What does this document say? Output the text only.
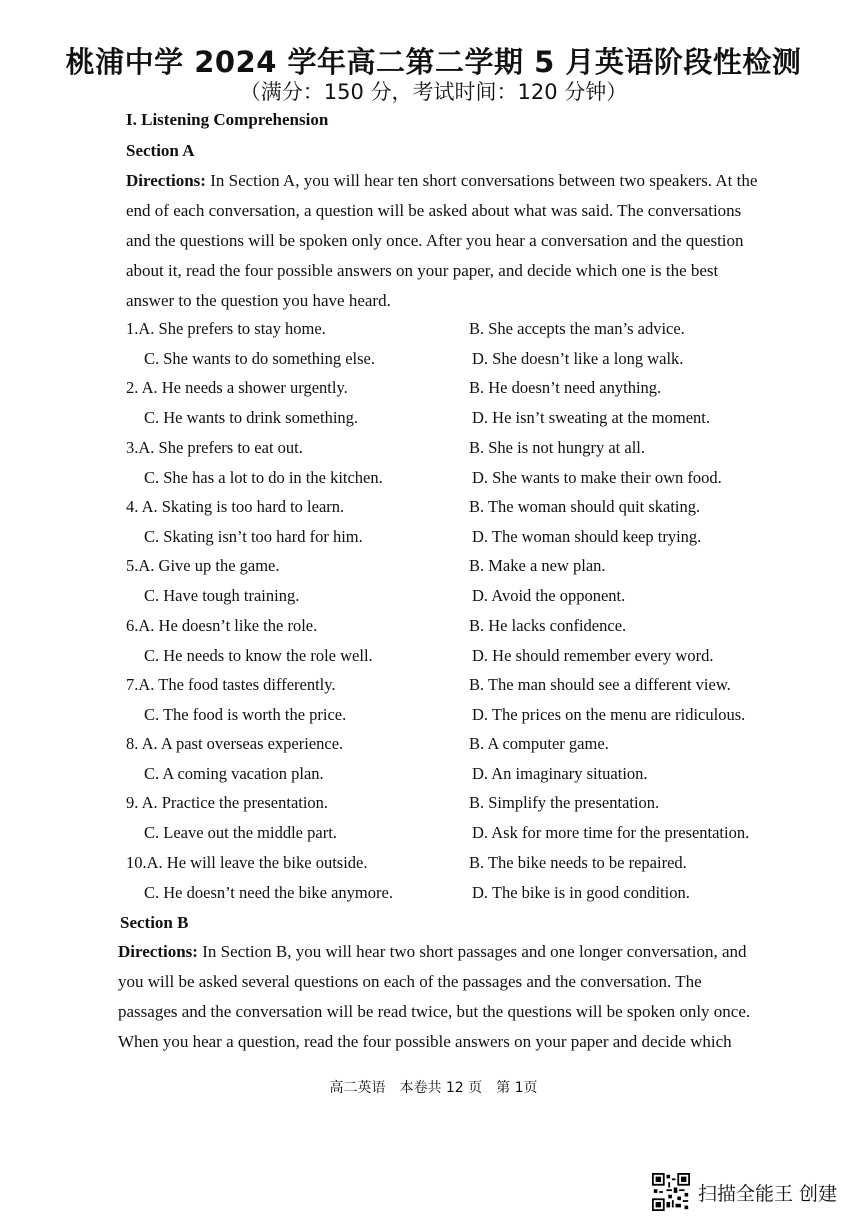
桃浦中学 2024 学年高二第二学期 5 月英语阶段性检测
（满分：150 分，考试时间：120 分钟）
I. Listening Comprehension
Section A
Directions: In Section A, you will hear ten short conversations between two speakers. At the
end of each conversation, a question will be asked about what was said. The conversations
and the questions will be spoken only once. After you hear a conversation and the question
about it, read the four possible answers on your paper, and decide which one is the best
answer to the question you have heard.
1.A. She prefers to stay home.	B. She accepts the man’s advice.
C. She wants to do something else.	D. She doesn’t like a long walk.
2. A. He needs a shower urgently.	B. He doesn’t need anything.
C. He wants to drink something.	D. He isn’t sweating at the moment.
3.A. She prefers to eat out.	B. She is not hungry at all.
C. She has a lot to do in the kitchen.	D. She wants to make their own food.
4. A. Skating is too hard to learn.	B. The woman should quit skating.
C. Skating isn’t too hard for him.	D. The woman should keep trying.
5.A. Give up the game.	B. Make a new plan.
C. Have tough training.	D. Avoid the opponent.
6.A. He doesn’t like the role.	B. He lacks confidence.
C. He needs to know the role well.	D. He should remember every word.
7.A. The food tastes differently.	B. The man should see a different view.
C. The food is worth the price.	D. The prices on the menu are ridiculous.
8. A. A past overseas experience.	B. A computer game.
C. A coming vacation plan.	D. An imaginary situation.
9. A. Practice the presentation.	B. Simplify the presentation.
C. Leave out the middle part.	D. Ask for more time for the presentation.
10.A. He will leave the bike outside.	B. The bike needs to be repaired.
C. He doesn’t need the bike anymore.	D. The bike is in good condition.
Section B
Directions: In Section B, you will hear two short passages and one longer conversation, and
you will be asked several questions on each of the passages and the conversation. The
passages and the conversation will be read twice, but the questions will be spoken only once.
When you hear a question, read the four possible answers on your paper and decide which
高二英语　本卷共 12 页　第 1页
扫描全能王 创建
